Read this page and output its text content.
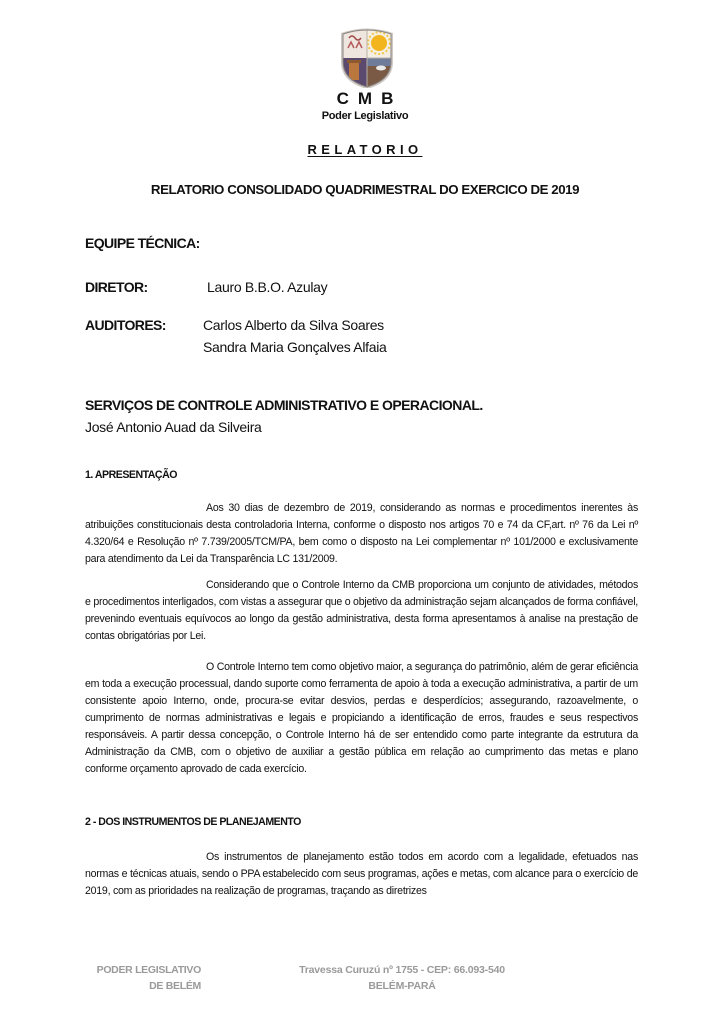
CMB
Poder Legislativo
RELATORIO
RELATORIO CONSOLIDADO QUADRIMESTRAL DO EXERCICO DE 2019
EQUIPE TÉCNICA:
DIRETOR:	Lauro B.B.O. Azulay
AUDITORES:	Carlos Alberto da Silva Soares
Sandra Maria Gonçalves Alfaia
SERVIÇOS DE CONTROLE ADMINISTRATIVO E OPERACIONAL.
José Antonio Auad da Silveira
1. APRESENTAÇÃO

Aos 30 dias de dezembro de 2019, considerando as normas e procedimentos inerentes às atribuições constitucionais desta controladoria Interna, conforme o disposto nos artigos 70 e 74 da CF,art. nº 76 da Lei nº 4.320/64 e Resolução nº 7.739/2005/TCM/PA, bem como o disposto na Lei complementar nº 101/2000 e exclusivamente para atendimento da Lei da Transparência LC 131/2009.

Considerando que o Controle Interno da CMB proporciona um conjunto de atividades, métodos e procedimentos interligados, com vistas a assegurar que o objetivo da administração sejam alcançados de forma confiável, prevenindo eventuais equívocos ao longo da gestão administrativa, desta forma apresentamos à analise na prestação de contas obrigatórias por Lei.

O Controle Interno tem como objetivo maior, a segurança do patrimônio, além de gerar eficiência em toda a execução processual, dando suporte como ferramenta de apoio à toda a execução administrativa, a partir de um consistente apoio Interno, onde, procura-se evitar desvios, perdas e desperdícios; assegurando, razoavelmente, o cumprimento de normas administrativas e legais e propiciando a identificação de erros, fraudes e seus respectivos responsáveis. A partir dessa concepção, o Controle Interno há de ser entendido como parte integrante da estrutura da Administração da CMB, com o objetivo de auxiliar a gestão pública em relação ao cumprimento das metas e plano conforme orçamento aprovado de cada exercício.

2 - DOS INSTRUMENTOS DE PLANEJAMENTO

Os instrumentos de planejamento estão todos em acordo com a legalidade, efetuados nas normas e técnicas atuais, sendo o PPA estabelecido com seus programas, ações e metas, com alcance para o exercício de 2019, com as prioridades na realização de programas, traçando as diretrizes

PODER LEGISLATIVO
DE BELÉM
Travessa Curuzú nº 1755 - CEP: 66.093-540
BELÉM-PARÁ
